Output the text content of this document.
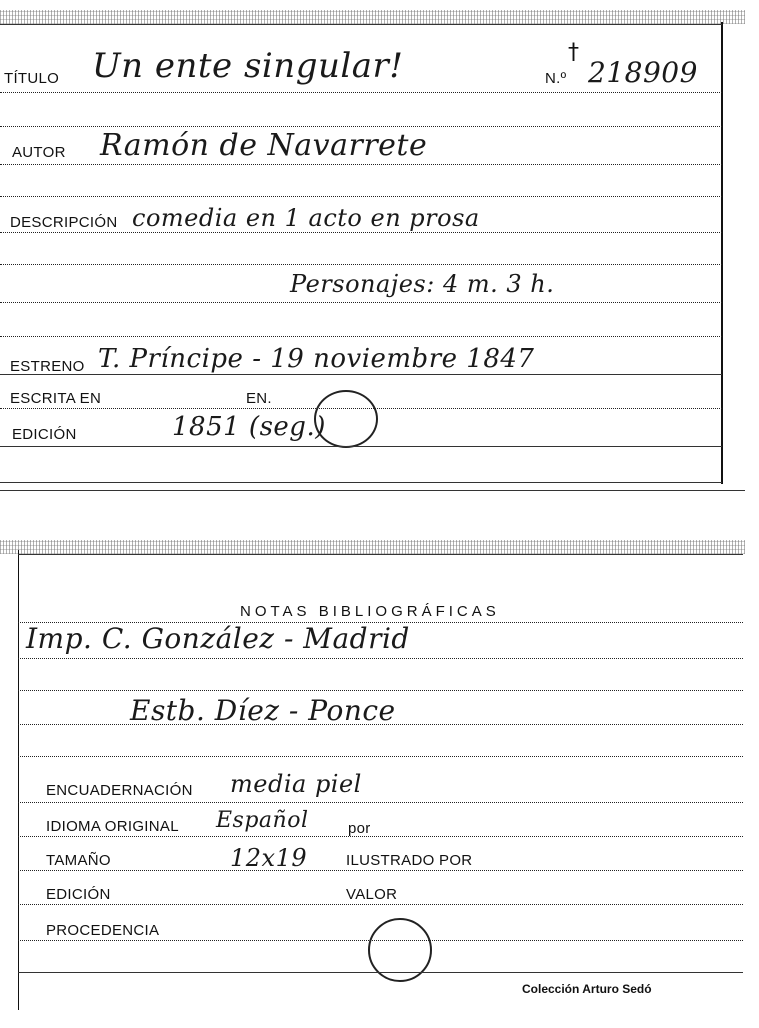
TÍTULO Un ente singular!	†
N.º 218909
AUTOR Ramón de Navarrete
DESCRIPCIÓN comedia en 1 acto en prosa
Personajes: 4 m. 3 h.
ESTRENO T. Príncipe - 19 noviembre 1847
ESCRITA EN	EN.
EDICIÓN	1851 (seg.)
NOTAS BIBLIOGRÁFICAS
Imp. C. González - Madrid
Estb. Díez - Ponce
ENCUADERNACIÓN media piel
IDIOMA ORIGINAL Español	por
TAMAÑO	12x19	ILUSTRADO POR
EDICIÓN	VALOR
PROCEDENCIA
Colección Arturo Sedó
